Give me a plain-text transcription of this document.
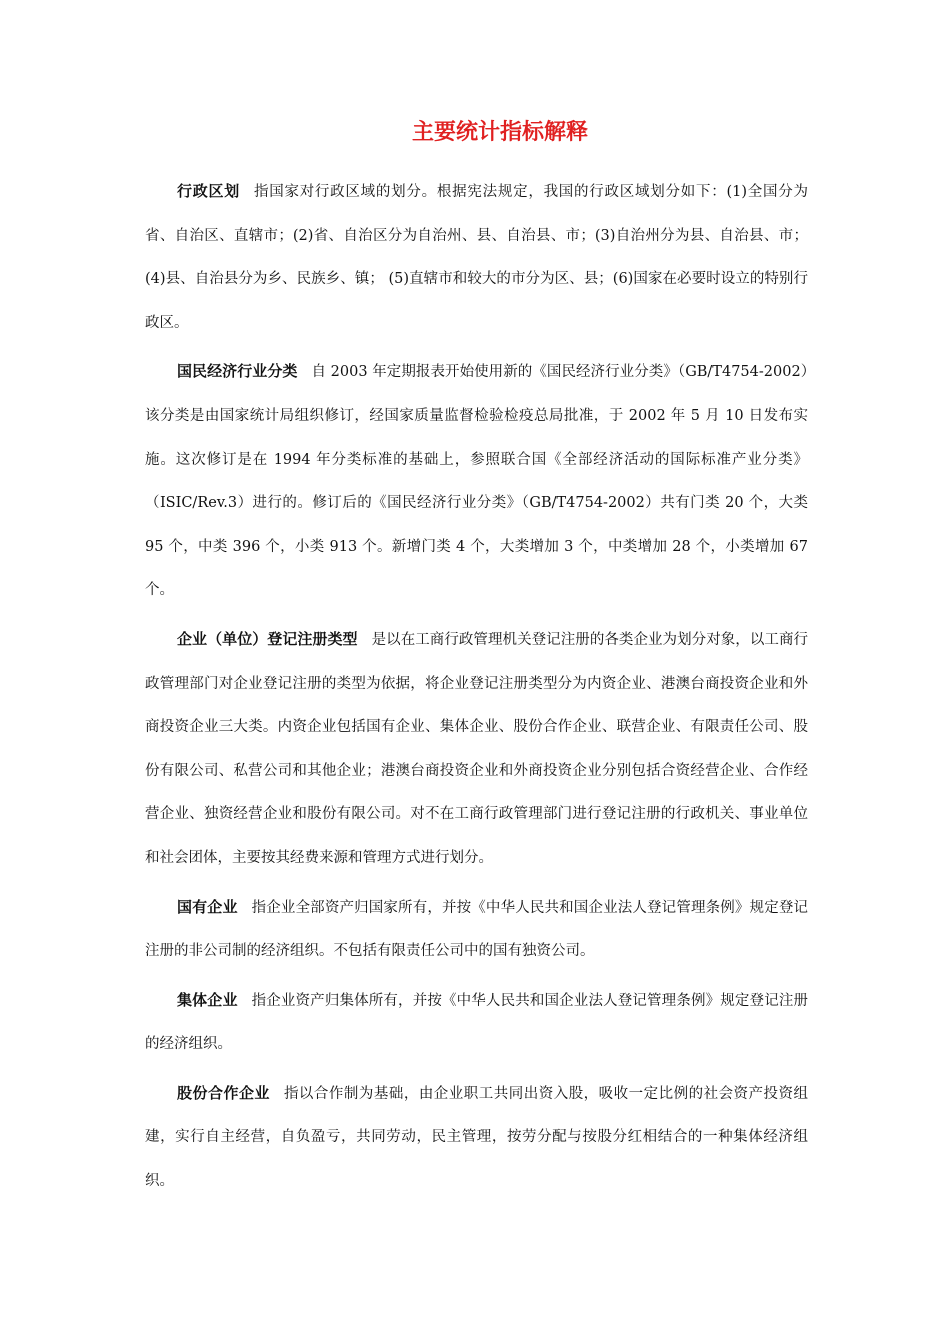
主要统计指标解释

行政区划 指国家对行政区域的划分。根据宪法规定，我国的行政区域划分如下：(1)全国分为省、自治区、直辖市；(2)省、自治区分为自治州、县、自治县、市；(3)自治州分为县、自治县、市；(4)县、自治县分为乡、民族乡、镇； (5)直辖市和较大的市分为区、县；(6)国家在必要时设立的特别行政区。

国民经济行业分类 自 2003 年定期报表开始使用新的《国民经济行业分类》（GB/T4754-2002）该分类是由国家统计局组织修订，经国家质量监督检验检疫总局批准，于 2002 年 5 月 10 日发布实施。这次修订是在 1994 年分类标准的基础上，参照联合国《全部经济活动的国际标准产业分类》（ISIC/Rev.3）进行的。修订后的《国民经济行业分类》（GB/T4754-2002）共有门类 20 个，大类 95 个，中类 396 个，小类 913 个。新增门类 4 个，大类增加 3 个，中类增加 28 个，小类增加 67 个。

企业（单位）登记注册类型 是以在工商行政管理机关登记注册的各类企业为划分对象，以工商行政管理部门对企业登记注册的类型为依据，将企业登记注册类型分为内资企业、港澳台商投资企业和外商投资企业三大类。内资企业包括国有企业、集体企业、股份合作企业、联营企业、有限责任公司、股份有限公司、私营公司和其他企业；港澳台商投资企业和外商投资企业分别包括合资经营企业、合作经营企业、独资经营企业和股份有限公司。对不在工商行政管理部门进行登记注册的行政机关、事业单位和社会团体，主要按其经费来源和管理方式进行划分。

国有企业 指企业全部资产归国家所有，并按《中华人民共和国企业法人登记管理条例》规定登记注册的非公司制的经济组织。不包括有限责任公司中的国有独资公司。

集体企业 指企业资产归集体所有，并按《中华人民共和国企业法人登记管理条例》规定登记注册的经济组织。

股份合作企业 指以合作制为基础，由企业职工共同出资入股，吸收一定比例的社会资产投资组建，实行自主经营，自负盈亏，共同劳动，民主管理，按劳分配与按股分红相结合的一种集体经济组织。
